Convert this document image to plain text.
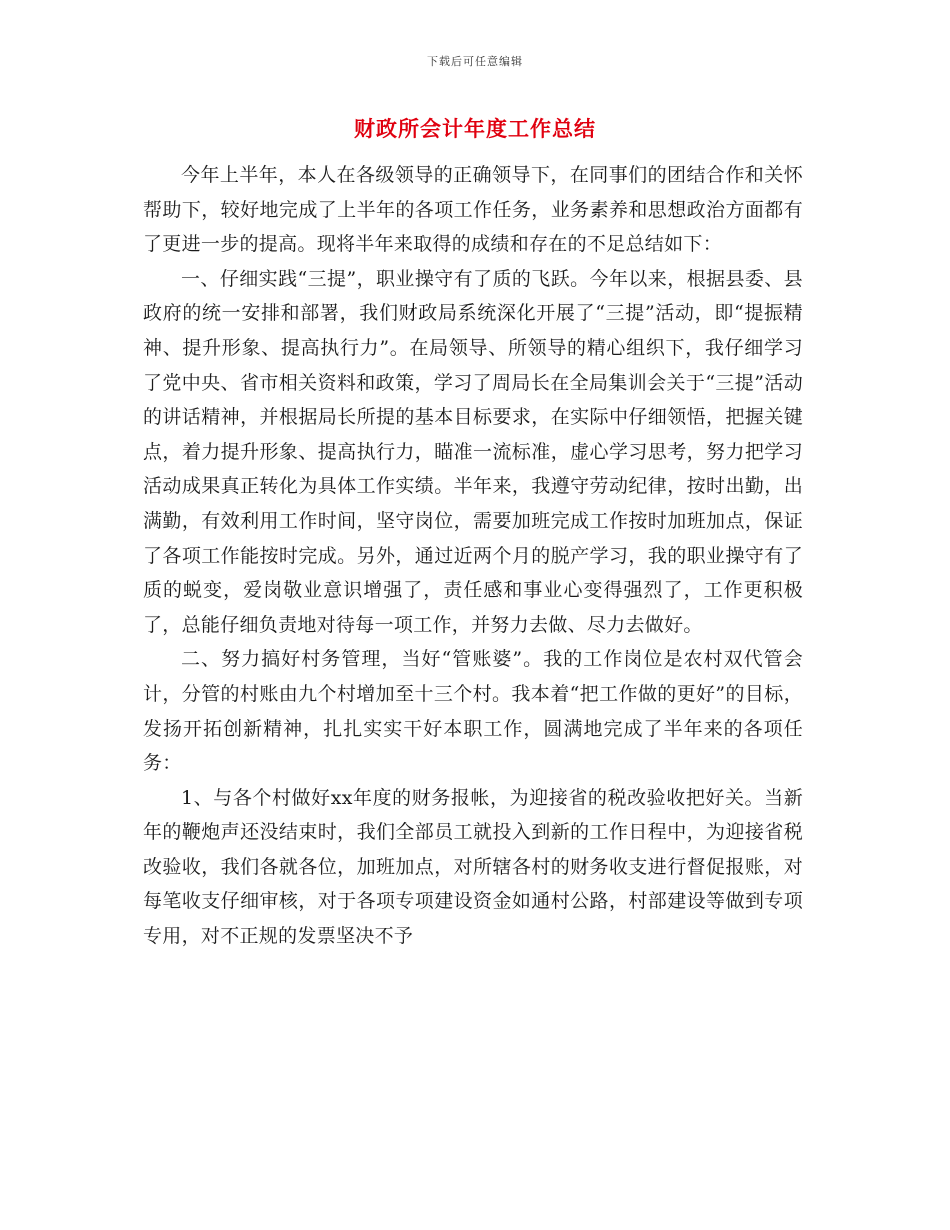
下载后可任意编辑
财政所会计年度工作总结

今年上半年，本人在各级领导的正确领导下，在同事们的团结合作和关怀帮助下，较好地完成了上半年的各项工作任务，业务素养和思想政治方面都有了更进一步的提高。现将半年来取得的成绩和存在的不足总结如下：

一、仔细实践“三提”，职业操守有了质的飞跃。今年以来，根据县委、县政府的统一安排和部署，我们财政局系统深化开展了“三提”活动，即“提振精神、提升形象、提高执行力”。在局领导、所领导的精心组织下，我仔细学习了党中央、省市相关资料和政策，学习了周局长在全局集训会关于“三提”活动的讲话精神，并根据局长所提的基本目标要求，在实际中仔细领悟，把握关键点，着力提升形象、提高执行力，瞄准一流标准，虚心学习思考，努力把学习活动成果真正转化为具体工作实绩。半年来，我遵守劳动纪律，按时出勤，出满勤，有效利用工作时间，坚守岗位，需要加班完成工作按时加班加点，保证了各项工作能按时完成。另外，通过近两个月的脱产学习，我的职业操守有了质的蜕变，爱岗敬业意识增强了，责任感和事业心变得强烈了，工作更积极了，总能仔细负责地对待每一项工作，并努力去做、尽力去做好。

二、努力搞好村务管理，当好“管账婆”。我的工作岗位是农村双代管会计，分管的村账由九个村增加至十三个村。我本着“把工作做的更好”的目标，发扬开拓创新精神，扎扎实实干好本职工作，圆满地完成了半年来的各项任务：

1、与各个村做好xx年度的财务报帐，为迎接省的税改验收把好关。当新年的鞭炮声还没结束时，我们全部员工就投入到新的工作日程中，为迎接省税改验收，我们各就各位，加班加点，对所辖各村的财务收支进行督促报账，对每笔收支仔细审核，对于各项专项建设资金如通村公路，村部建设等做到专项专用，对不正规的发票坚决不予
